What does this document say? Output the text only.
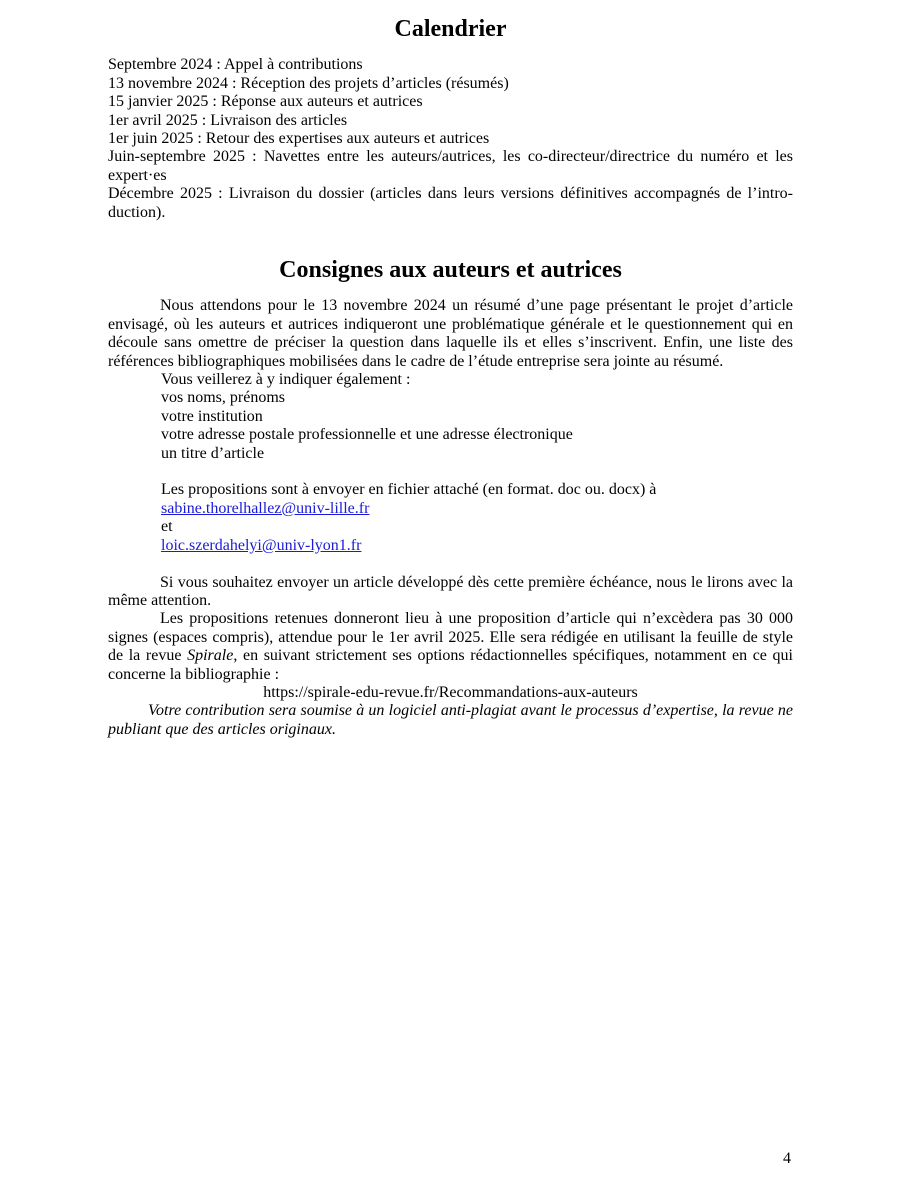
Calendrier
Septembre 2024 : Appel à contributions
13 novembre 2024 : Réception des projets d’articles (résumés)
15 janvier 2025 : Réponse aux auteurs et autrices
1er avril 2025 : Livraison des articles
1er juin 2025 : Retour des expertises aux auteurs et autrices
Juin-septembre 2025 : Navettes entre les auteurs/autrices, les co-directeur/directrice du numéro et les expert·es
Décembre 2025 : Livraison du dossier (articles dans leurs versions définitives accompagnés de l’introduction).
Consignes aux auteurs et autrices

Nous attendons pour le 13 novembre 2024 un résumé d’une page présentant le projet d’article envisagé, où les auteurs et autrices indiqueront une problématique générale et le questionnement qui en découle sans omettre de préciser la question dans laquelle ils et elles s’inscrivent. Enfin, une liste des références bibliographiques mobilisées dans le cadre de l’étude entreprise sera jointe au résumé.

Vous veillerez à y indiquer également :

vos noms, prénoms

votre institution

votre adresse postale professionnelle et une adresse électronique

un titre d’article

Les propositions sont à envoyer en fichier attaché (en format. doc ou. docx) à

sabine.thorelhallez@univ-lille.fr

et

loic.szerdahelyi@univ-lyon1.fr

Si vous souhaitez envoyer un article développé dès cette première échéance, nous le lirons avec la même attention.

Les propositions retenues donneront lieu à une proposition d’article qui n’excèdera pas 30 000 signes (espaces compris), attendue pour le 1er avril 2025. Elle sera rédigée en utilisant la feuille de style de la revue Spirale, en suivant strictement ses options rédactionnelles spécifiques, notamment en ce qui concerne la bibliographie :

https://spirale-edu-revue.fr/Recommandations-aux-auteurs

Votre contribution sera soumise à un logiciel anti-plagiat avant le processus d’expertise, la revue ne publiant que des articles originaux.

4
